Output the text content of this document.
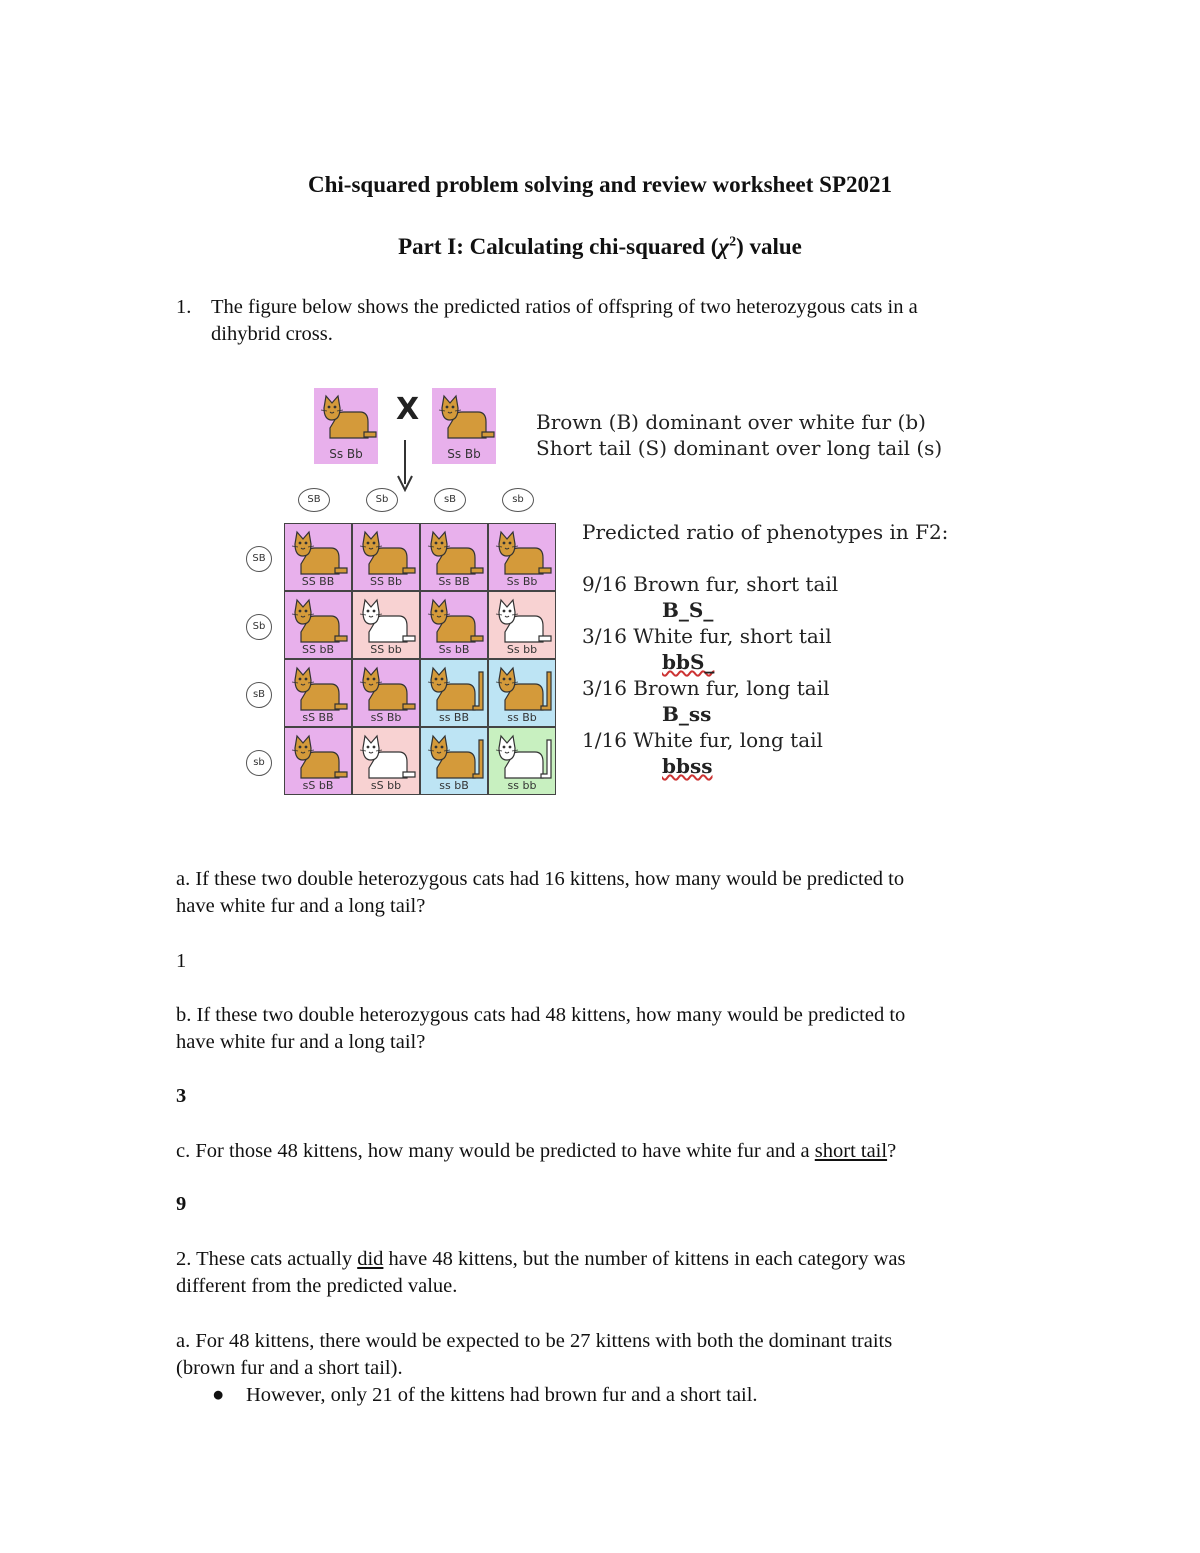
Chi-squared problem solving and review worksheet SP2021
Part I: Calculating chi-squared $(\chi^2)$ value
1. The figure below shows the predicted ratios of offspring of two heterozygous cats in a
dihybrid cross.
Ss Bb
X
Ss Bb
Brown (B) dominant over white fur (b)
Short tail (S) dominant over long tail (s)
SB	Sb	sB	sb
SB
Sb
sB
sb
SS BB	SS Bb	Ss BB	Ss Bb
SS bB	SS bb	Ss bB	Ss bb
sS BB	sS Bb	ss BB	ss Bb
sS bB	sS bb	ss bB	ss bb
Predicted ratio of phenotypes in F2:
9/16 Brown fur, short tail
B_S_
3/16 White fur, short tail
bbS_
3/16 Brown fur, long tail
B_ss
1/16 White fur, long tail
bbss
a. If these two double heterozygous cats had 16 kittens, how many would be predicted to
have white fur and a long tail?
1
b. If these two double heterozygous cats had 48 kittens, how many would be predicted to
have white fur and a long tail?
3
c. For those 48 kittens, how many would be predicted to have white fur and a short tail?
9
2. These cats actually did have 48 kittens, but the number of kittens in each category was
different from the predicted value.
a. For 48 kittens, there would be expected to be 27 kittens with both the dominant traits
(brown fur and a short tail).
● However, only 21 of the kittens had brown fur and a short tail.
